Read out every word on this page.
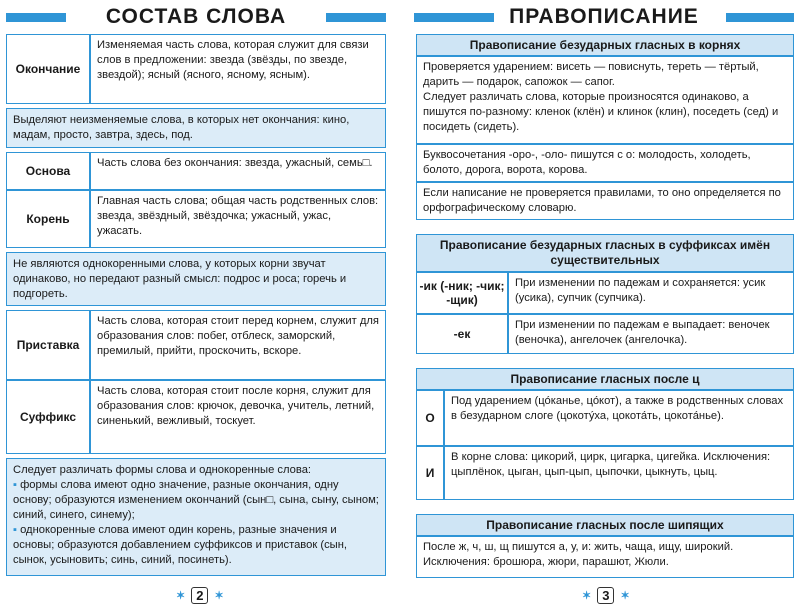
СОСТАВ СЛОВА
Окончание
Изменяемая часть слова, которая служит для связи слов в предложении: звезда (звёзды, по звезде, звездой); ясный (ясного, ясному, ясным).
Выделяют неизменяемые слова, в которых нет окончания: кино, мадам, просто, завтра, здесь, под.
Основа
Часть слова без окончания: звезда, ужасный, семь□.
Корень
Главная часть слова; общая часть родственных слов: звезда, звёздный, звёздочка; ужасный, ужас, ужасать.
Не являются однокоренными слова, у которых корни звучат одинаково, но передают разный смысл: подрос и роса; горечь и подгореть.
Приставка
Часть слова, которая стоит перед корнем, служит для образования слов: побег, отблеск, заморский, премилый, прийти, проскочить, вскоре.
Суффикс
Часть слова, которая стоит после корня, служит для образования слов: крючок, девочка, учитель, летний, синенький, вежливый, тоскует.

Следует различать формы слова и однокоренные слова:

▪ формы слова имеют одно значение, разные окончания, одну основу; образуются изменением окончаний (сын□, сына, сыну, сыном; синий, синего, синему);

▪ однокоренные слова имеют один корень, разные значения и основы; образуются добавлением суффиксов и приставок (сын, сынок, усыновить; синь, синий, посинеть).

✶ 2	✶
ПРАВОПИСАНИЕ
Правописание безударных гласных в корнях

Проверяется ударением: висеть — повиснуть, тереть — тёртый, дарить — подарок, сапожок — сапог.

Следует различать слова, которые произносятся одинаково, а пишутся по-разному: кленок (клён) и клинок (клин), поседеть (сед) и посидеть (сидеть).

Буквосочетания -оро-, -оло- пишутся с о: молодость, холодеть, болото, дорога, ворота, корова.
Если написание не проверяется правилами, то оно определяется по орфографическому словарю.
Правописание безударных гласных в суффиксах имён существительных
-ик (-ник; -чик; -щик)
При изменении по падежам и сохраняется: усик (усика), супчик (супчика).
-ек
При изменении по падежам е выпадает: веночек (веночка), ангелочек (ангелочка).
Правописание гласных после ц
О
Под ударением (цо́канье, цо́кот), а также в родственных словах в безударном слоге (цокоту́ха, цокота́ть, цокота́нье).
И
В корне слова: цикорий, цирк, цигарка, цигейка. Исключения: цыплёнок, цыган, цып-цып, цыпочки, цыкнуть, цыц.
Правописание гласных после шипящих
После ж, ч, ш, щ пишутся а, у, и: жить, чаща, ищу, широкий. Исключения: брошюра, жюри, парашют, Жюли.
✶ 3	✶
